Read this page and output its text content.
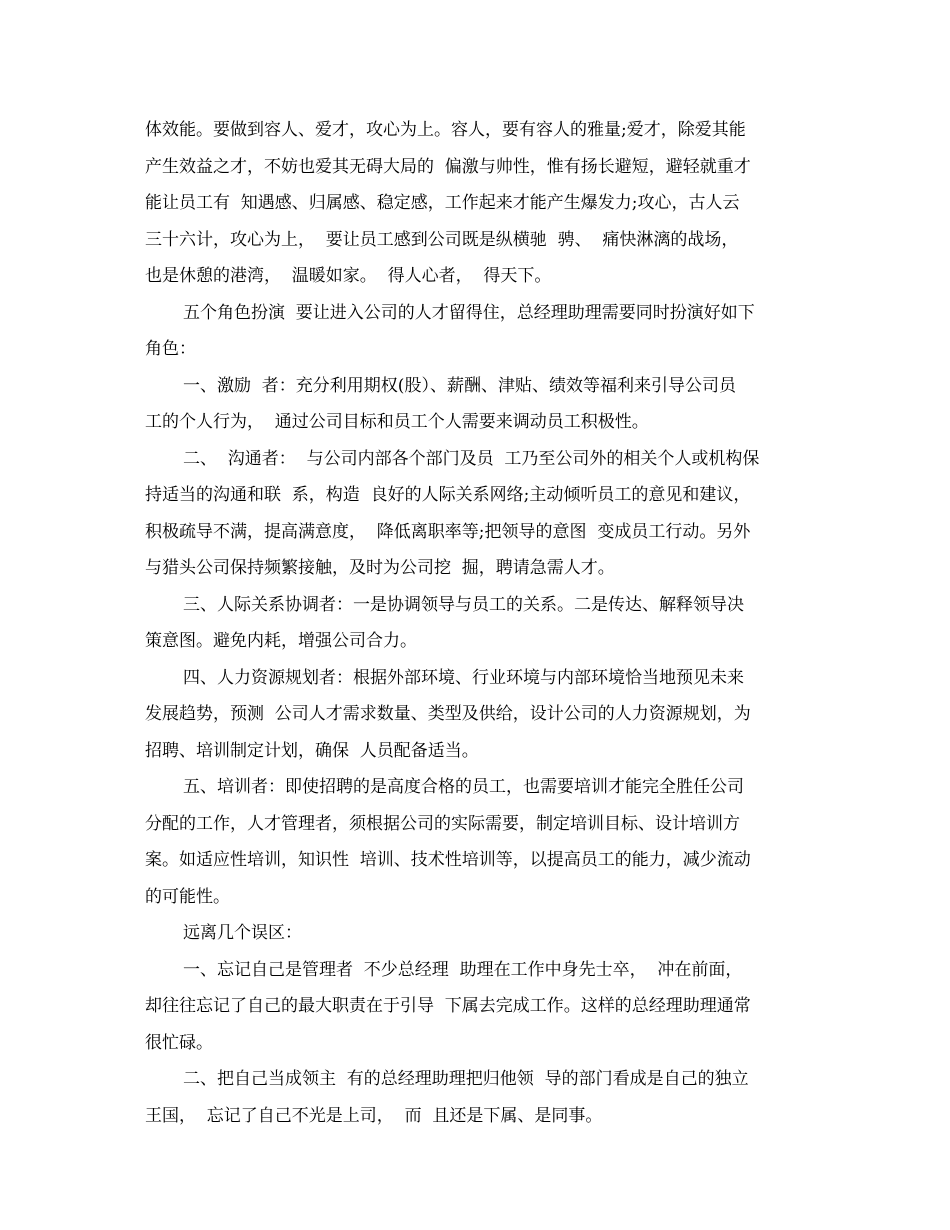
体效能。要做到容人、爱才，攻心为上。容人，要有容人的雅量;爱才，除爱其能
产生效益之才，不妨也爱其无碍大局的  偏激与帅性，惟有扬长避短，避轻就重才
能让员工有  知遇感、归属感、稳定感，工作起来才能产生爆发力;攻心，古人云
三十六计，攻心为上，  要让员工感到公司既是纵横驰  骋、  痛快淋漓的战场，
也是休憩的港湾，  温暖如家。  得人心者，  得天下。
五个角色扮演  要让进入公司的人才留得住，总经理助理需要同时扮演好如下
角色：
一、激励  者：充分利用期权(股）、薪酬、津贴、绩效等福利来引导公司员
工的个人行为，  通过公司目标和员工个人需要来调动员工积极性。
二、  沟通者：  与公司内部各个部门及员  工乃至公司外的相关个人或机构保
持适当的沟通和联  系，构造  良好的人际关系网络;主动倾听员工的意见和建议，
积极疏导不满，提高满意度，  降低离职率等;把领导的意图  变成员工行动。另外
与猎头公司保持频繁接触，及时为公司挖  掘，聘请急需人才。
三、人际关系协调者：一是协调领导与员工的关系。二是传达、解释领导决
策意图。避免内耗，增强公司合力。
四、人力资源规划者：根据外部环境、行业环境与内部环境恰当地预见未来
发展趋势，预测  公司人才需求数量、类型及供给，设计公司的人力资源规划，为
招聘、培训制定计划，确保  人员配备适当。
五、培训者：即使招聘的是高度合格的员工，也需要培训才能完全胜任公司
分配的工作，人才管理者，须根据公司的实际需要，制定培训目标、设计培训方
案。如适应性培训，知识性  培训、技术性培训等，以提高员工的能力，减少流动
的可能性。
远离几个误区：
一、忘记自己是管理者  不少总经理  助理在工作中身先士卒，  冲在前面，
却往往忘记了自己的最大职责在于引导  下属去完成工作。这样的总经理助理通常
很忙碌。
二、把自己当成领主  有的总经理助理把归他领  导的部门看成是自己的独立
王国，  忘记了自己不光是上司，  而  且还是下属、是同事。
